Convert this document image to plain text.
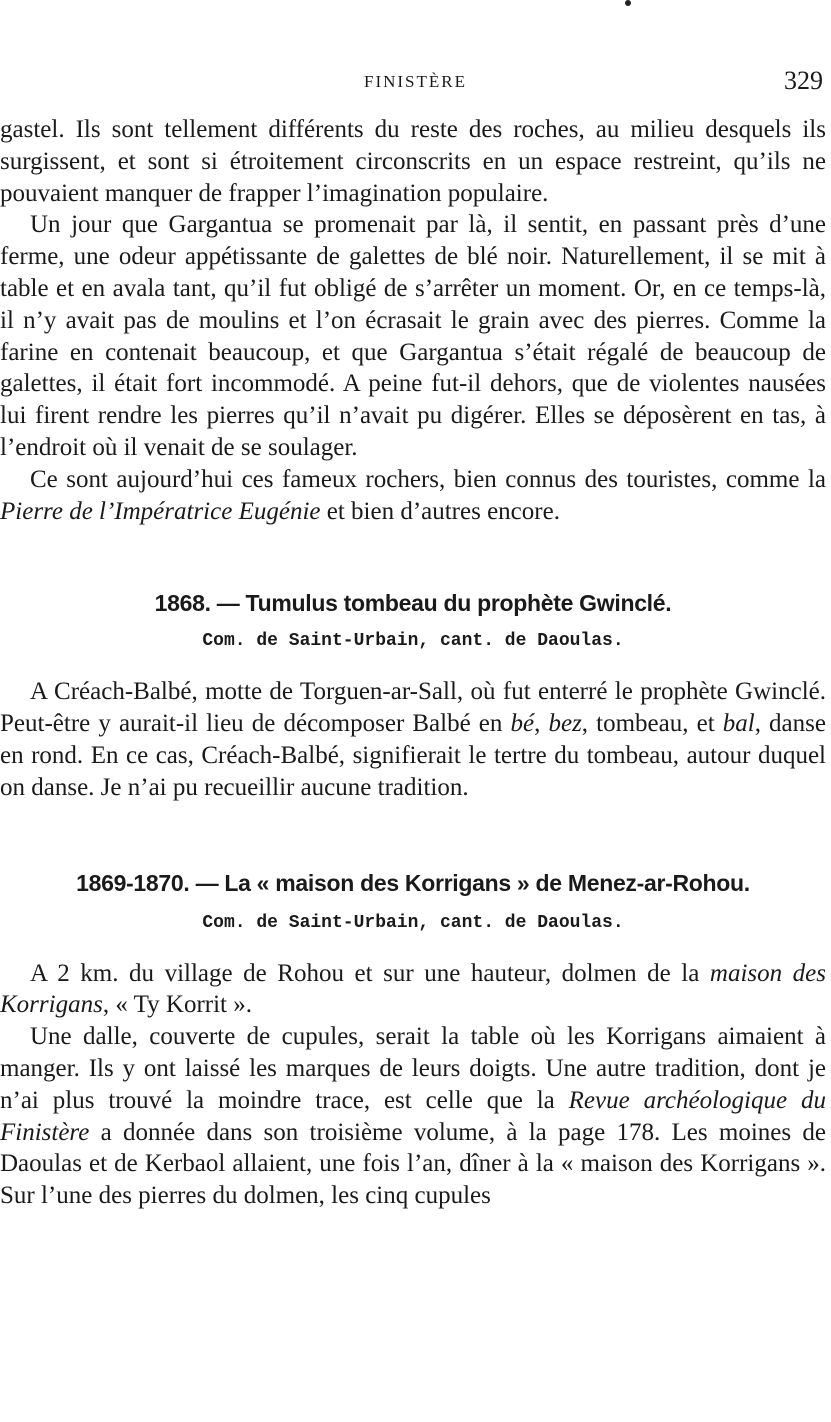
FINISTÈRE	329

gastel. Ils sont tellement différents du reste des roches, au milieu desquels ils surgissent, et sont si étroitement circonscrits en un espace restreint, qu’ils ne pouvaient manquer de frapper l’imagination populaire.

Un jour que Gargantua se promenait par là, il sentit, en passant près d’une ferme, une odeur appétissante de galettes de blé noir. Naturellement, il se mit à table et en avala tant, qu’il fut obligé de s’arrêter un moment. Or, en ce temps-là, il n’y avait pas de moulins et l’on écrasait le grain avec des pierres. Comme la farine en contenait beaucoup, et que Gargantua s’était régalé de beaucoup de galettes, il était fort incommodé. A peine fut-il dehors, que de violentes nausées lui firent rendre les pierres qu’il n’avait pu digérer. Elles se déposèrent en tas, à l’endroit où il venait de se soulager.

Ce sont aujourd’hui ces fameux rochers, bien connus des touristes, comme la Pierre de l’Impératrice Eugénie et bien d’autres encore.

1868. — Tumulus tombeau du prophète Gwinclé.
Com. de Saint-Urbain, cant. de Daoulas.

A Créach-Balbé, motte de Torguen-ar-Sall, où fut enterré le prophète Gwinclé. Peut-être y aurait-il lieu de décomposer Balbé en bé, bez, tombeau, et bal, danse en rond. En ce cas, Créach-Balbé, signifierait le tertre du tombeau, autour duquel on danse. Je n’ai pu recueillir aucune tradition.

1869-1870. — La « maison des Korrigans » de Menez-ar-Rohou.
Com. de Saint-Urbain, cant. de Daoulas.

A 2 km. du village de Rohou et sur une hauteur, dolmen de la maison des Korrigans, « Ty Korrit ».

Une dalle, couverte de cupules, serait la table où les Korrigans aimaient à manger. Ils y ont laissé les marques de leurs doigts. Une autre tradition, dont je n’ai plus trouvé la moindre trace, est celle que la Revue archéologique du Finistère a donnée dans son troisième volume, à la page 178. Les moines de Daoulas et de Kerbaol allaient, une fois l’an, dîner à la « maison des Korrigans ». Sur l’une des pierres du dolmen, les cinq cupules
